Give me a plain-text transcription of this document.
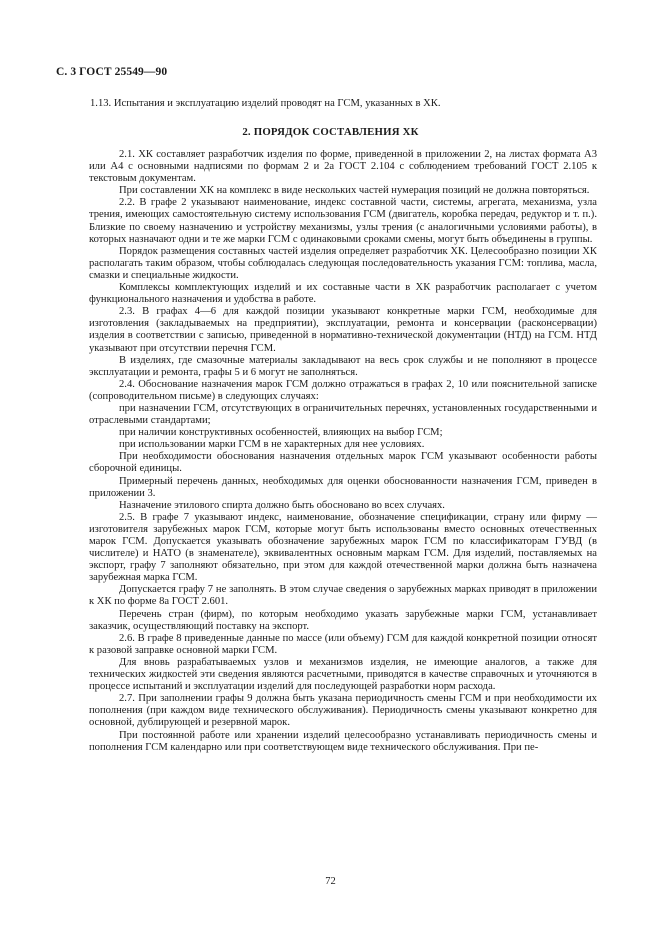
С. 3 ГОСТ 25549—90
1.13. Испытания и эксплуатацию изделий проводят на ГСМ, указанных в ХК.
2. ПОРЯДОК СОСТАВЛЕНИЯ ХК

2.1. ХК составляет разработчик изделия по форме, приведенной в приложении 2, на листах формата А3 или А4 с основными надписями по формам 2 и 2а ГОСТ 2.104 с соблюдением требований ГОСТ 2.105 к текстовым документам.

При составлении ХК на комплекс в виде нескольких частей нумерация позиций не должна повторяться.

2.2. В графе 2 указывают наименование, индекс составной части, системы, агрегата, механизма, узла трения, имеющих самостоятельную систему использования ГСМ (двигатель, коробка передач, редуктор и т. п.). Близкие по своему назначению и устройству механизмы, узлы трения (с аналогичными условиями работы), в которых назначают одни и те же марки ГСМ с одинаковыми сроками смены, могут быть объединены в группы.

Порядок размещения составных частей изделия определяет разработчик ХК. Целесообразно позиции ХК располагать таким образом, чтобы соблюдалась следующая последовательность указания ГСМ: топлива, масла, смазки и специальные жидкости.

Комплексы комплектующих изделий и их составные части в ХК разработчик располагает с учетом функционального назначения и удобства в работе.

2.3. В графах 4—6 для каждой позиции указывают конкретные марки ГСМ, необходимые для изготовления (закладываемых на предприятии), эксплуатации, ремонта и консервации (расконсервации) изделия в соответствии с записью, приведенной в нормативно-технической документации (НТД) на ГСМ. НТД указывают при отсутствии перечня ГСМ.

В изделиях, где смазочные материалы закладывают на весь срок службы и не пополняют в процессе эксплуатации и ремонта, графы 5 и 6 могут не заполняться.

2.4. Обоснование назначения марок ГСМ должно отражаться в графах 2, 10 или пояснительной записке (сопроводительном письме) в следующих случаях:

при назначении ГСМ, отсутствующих в ограничительных перечнях, установленных государственными и отраслевыми стандартами;

при наличии конструктивных особенностей, влияющих на выбор ГСМ;

при использовании марки ГСМ в не характерных для нее условиях.

При необходимости обоснования назначения отдельных марок ГСМ указывают особенности работы сборочной единицы.

Примерный перечень данных, необходимых для оценки обоснованности назначения ГСМ, приведен в приложении 3.

Назначение этилового спирта должно быть обосновано во всех случаях.

2.5. В графе 7 указывают индекс, наименование, обозначение спецификации, страну или фирму — изготовителя зарубежных марок ГСМ, которые могут быть использованы вместо основных отечественных марок ГСМ. Допускается указывать обозначение зарубежных марок ГСМ по классификаторам ГУВД (в числителе) и НАТО (в знаменателе), эквивалентных основным маркам ГСМ. Для изделий, поставляемых на экспорт, графу 7 заполняют обязательно, при этом для каждой отечественной марки должна быть назначена зарубежная марка ГСМ.

Допускается графу 7 не заполнять. В этом случае сведения о зарубежных марках приводят в приложении к ХК по форме 8а ГОСТ 2.601.

Перечень стран (фирм), по которым необходимо указать зарубежные марки ГСМ, устанавливает заказчик, осуществляющий поставку на экспорт.

2.6. В графе 8 приведенные данные по массе (или объему) ГСМ для каждой конкретной позиции относят к разовой заправке основной марки ГСМ.

Для вновь разрабатываемых узлов и механизмов изделия, не имеющие аналогов, а также для технических жидкостей эти сведения являются расчетными, приводятся в качестве справочных и уточняются в процессе испытаний и эксплуатации изделий для последующей разработки норм расхода.

2.7. При заполнении графы 9 должна быть указана периодичность смены ГСМ и при необходимости их пополнения (при каждом виде технического обслуживания). Периодичность смены указывают конкретно для основной, дублирующей и резервной марок.

При постоянной работе или хранении изделий целесообразно устанавливать периодичность смены и пополнения ГСМ календарно или при соответствующем виде технического обслуживания. При пе-

72
